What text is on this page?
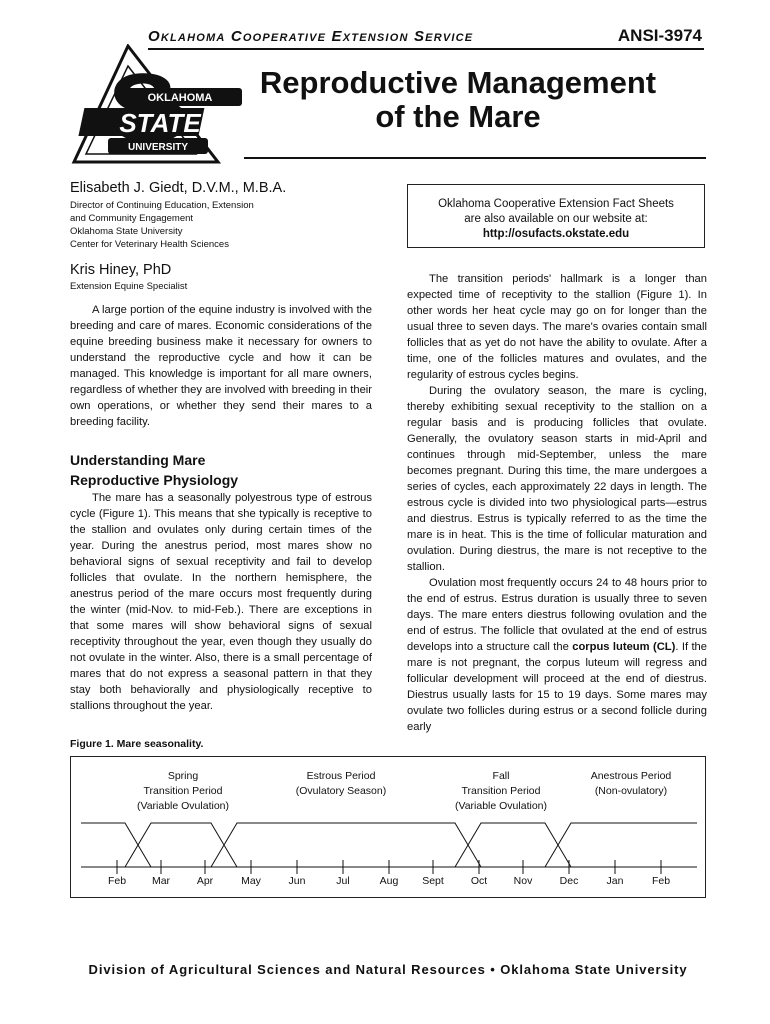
Oklahoma Cooperative Extension Service	ANSI-3974
OKLAHOMA
STATE
UNIVERSITY
Reproductive Management
of the Mare
Elisabeth J. Giedt, D.V.M., M.B.A.
Director of Continuing Education, Extension
and Community Engagement
Oklahoma State University
Center for Veterinary Health Sciences
Kris Hiney, PhD
Extension Equine Specialist
Oklahoma Cooperative Extension Fact Sheets
are also available on our website at:
http://osufacts.okstate.edu

A large portion of the equine industry is involved with the breeding and care of mares. Economic considerations of the equine breeding business make it necessary for owners to understand the reproductive cycle and how it can be managed. This knowledge is important for all mare owners, regardless of whether they are involved with breeding in their own operations, or whether they send their mares to a breeding facility.

Understanding Mare
Reproductive Physiology

The mare has a seasonally polyestrous type of estrous cycle (Figure 1). This means that she typically is receptive to the stallion and ovulates only during certain times of the year. During the anestrus period, most mares show no behavioral signs of sexual receptivity and fail to develop follicles that ovulate. In the northern hemisphere, the anestrus period of the mare occurs most frequently during the winter (mid-Nov. to mid-Feb.). There are exceptions in that some mares will show behavioral signs of sexual receptivity throughout the year, even though they usually do not ovulate in the winter. Also, there is a small percentage of mares that do not express a seasonal pattern in that they stay both behaviorally and physiologically receptive to stallions throughout the year.

The transition periods' hallmark is a longer than expected time of receptivity to the stallion (Figure 1). In other words her heat cycle may go on for longer than the usual three to seven days. The mare's ovaries contain small follicles that as yet do not have the ability to ovulate. After a time, one of the follicles matures and ovulates, and the regularity of estrous cycles begins.

During the ovulatory season, the mare is cycling, thereby exhibiting sexual receptivity to the stallion on a regular basis and is producing follicles that ovulate. Generally, the ovulatory season starts in mid-April and continues through mid-September, unless the mare becomes pregnant. During this time, the mare undergoes a series of cycles, each approximately 22 days in length. The estrous cycle is divided into two physiological parts—estrus and diestrus. Estrus is typically referred to as the time the mare is in heat. This is the time of follicular maturation and ovulation. During diestrus, the mare is not receptive to the stallion.

Ovulation most frequently occurs 24 to 48 hours prior to the end of estrus. Estrus duration is usually three to seven days. The mare enters diestrus following ovulation and the end of estrus. The follicle that ovulated at the end of estrus develops into a structure call the corpus luteum (CL). If the mare is not pregnant, the corpus luteum will regress and follicular development will proceed at the end of diestrus. Diestrus usually lasts for 15 to 19 days. Some mares may ovulate two follicles during estrus or a second follicle during early

Figure 1. Mare seasonality.
Spring
Transition Period
(Variable Ovulation)
Estrous Period
(Ovulatory Season)
Fall
Transition Period
(Variable Ovulation)
Anestrous Period
(Non-ovulatory)
Feb	Mar	Apr	May	Jun	Jul	Aug	Sept	Oct	Nov	Dec	Jan	Feb
Division of Agricultural Sciences and Natural Resources • Oklahoma State University
